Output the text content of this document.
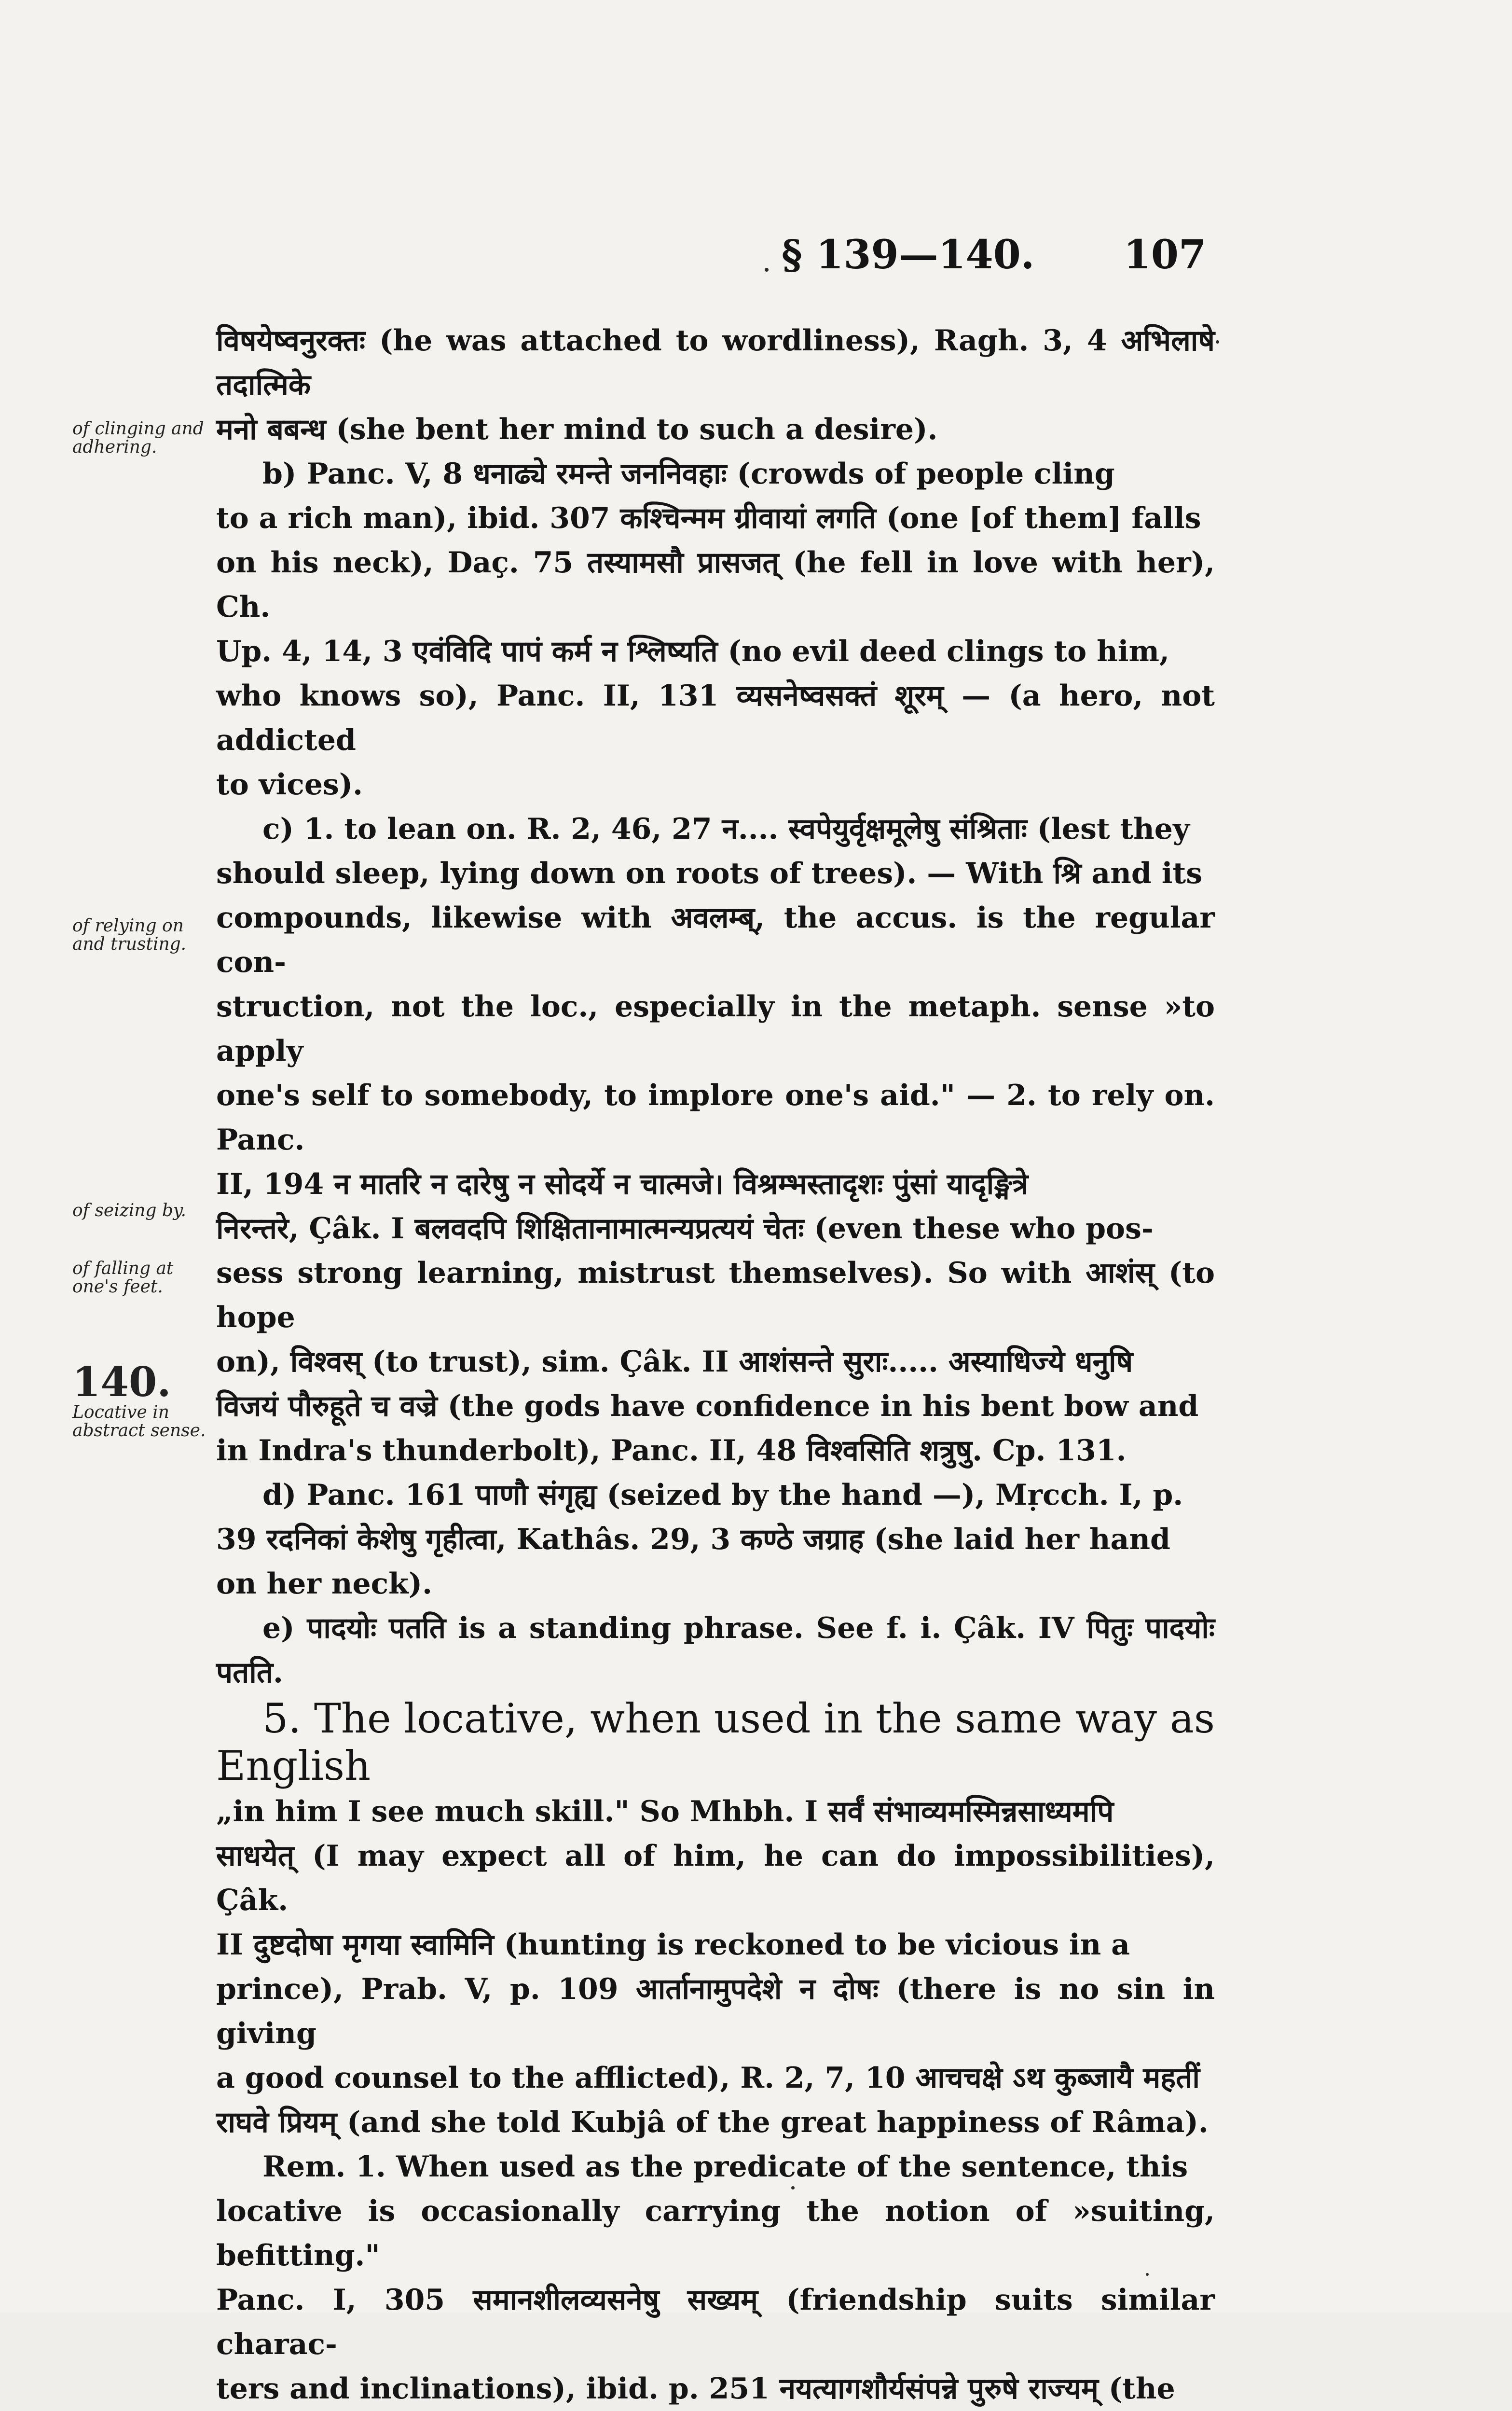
§ 139—140. 107
of clinging and adhering.
of relying on and trusting.
of seizing by.
of falling at one's feet.
140.
Locative in abstract sense.

विषयेष्वनुरक्तः (he was attached to wordliness), Ragh. 3, 4 अभिलाषे तदात्मिके

मनो बबन्ध (she bent her mind to such a desire).

b) Panc. V, 8 धनाढ्ये रमन्ते जननिवहाः (crowds of people cling

to a rich man), ibid. 307 कश्चिन्मम ग्रीवायां लगति (one [of them] falls

on his neck), Daç. 75 तस्यामसौ प्रासजत् (he fell in love with her), Ch.

Up. 4, 14, 3 एवंविदि पापं कर्म न श्लिष्यति (no evil deed clings to him,

who knows so), Panc. II, 131 व्यसनेष्वसक्तं शूरम् — (a hero, not addicted

to vices).

c) 1. to lean on. R. 2, 46, 27 न.... स्वपेयुर्वृक्षमूलेषु संश्रिताः (lest they

should sleep, lying down on roots of trees). — With श्रि and its

compounds, likewise with अवलम्ब्, the accus. is the regular con-

struction, not the loc., especially in the metaph. sense »to apply

one's self to somebody, to implore one's aid." — 2. to rely on. Panc.

II, 194 न मातरि न दारेषु न सोदर्ये न चात्मजे। विश्रम्भस्तादृशः पुंसां यादृङ्मित्रे

निरन्तरे, Çâk. I बलवदपि शिक्षितानामात्मन्यप्रत्ययं चेतः (even these who pos-

sess strong learning, mistrust themselves). So with आशंस् (to hope

on), विश्वस् (to trust), sim. Çâk. II आशंसन्ते सुराः..... अस्याधिज्ये धनुषि

विजयं पौरुहूते च वज्रे (the gods have confidence in his bent bow and

in Indra's thunderbolt), Panc. II, 48 विश्वसिति शत्रुषु. Cp. 131.

d) Panc. 161 पाणौ संगृह्य (seized by the hand —), Mṛcch. I, p.

39 रदनिकां केशेषु गृहीत्वा, Kathâs. 29, 3 कण्ठे जग्राह (she laid her hand

on her neck).

e) पादयोः पतति is a standing phrase. See f. i. Çâk. IV पितुः पादयोः पतति.

5. The locative, when used in the same way as English

„in him I see much skill." So Mhbh. I सर्वं संभाव्यमस्मिन्नसाध्यमपि

साधयेत् (I may expect all of him, he can do impossibilities), Çâk.

II दुष्टदोषा मृगया स्वामिनि (hunting is reckoned to be vicious in a

prince), Prab. V, p. 109 आर्तानामुपदेशे न दोषः (there is no sin in giving

a good counsel to the afflicted), R. 2, 7, 10 आचचक्षे ऽथ कुब्जायै महतीं

राघवे प्रियम् (and she told Kubjâ of the great happiness of Râma).

Rem. 1. When used as the predicate of the sentence, this

locative is occasionally carrying the notion of »suiting, befitting."

Panc. I, 305 समानशीलव्यसनेषु सख्यम् (friendship suits similar charac-

ters and inclinations), ibid. p. 251 नयत्यागशौर्यसंपन्ने पुरुषे राज्यम् (the
